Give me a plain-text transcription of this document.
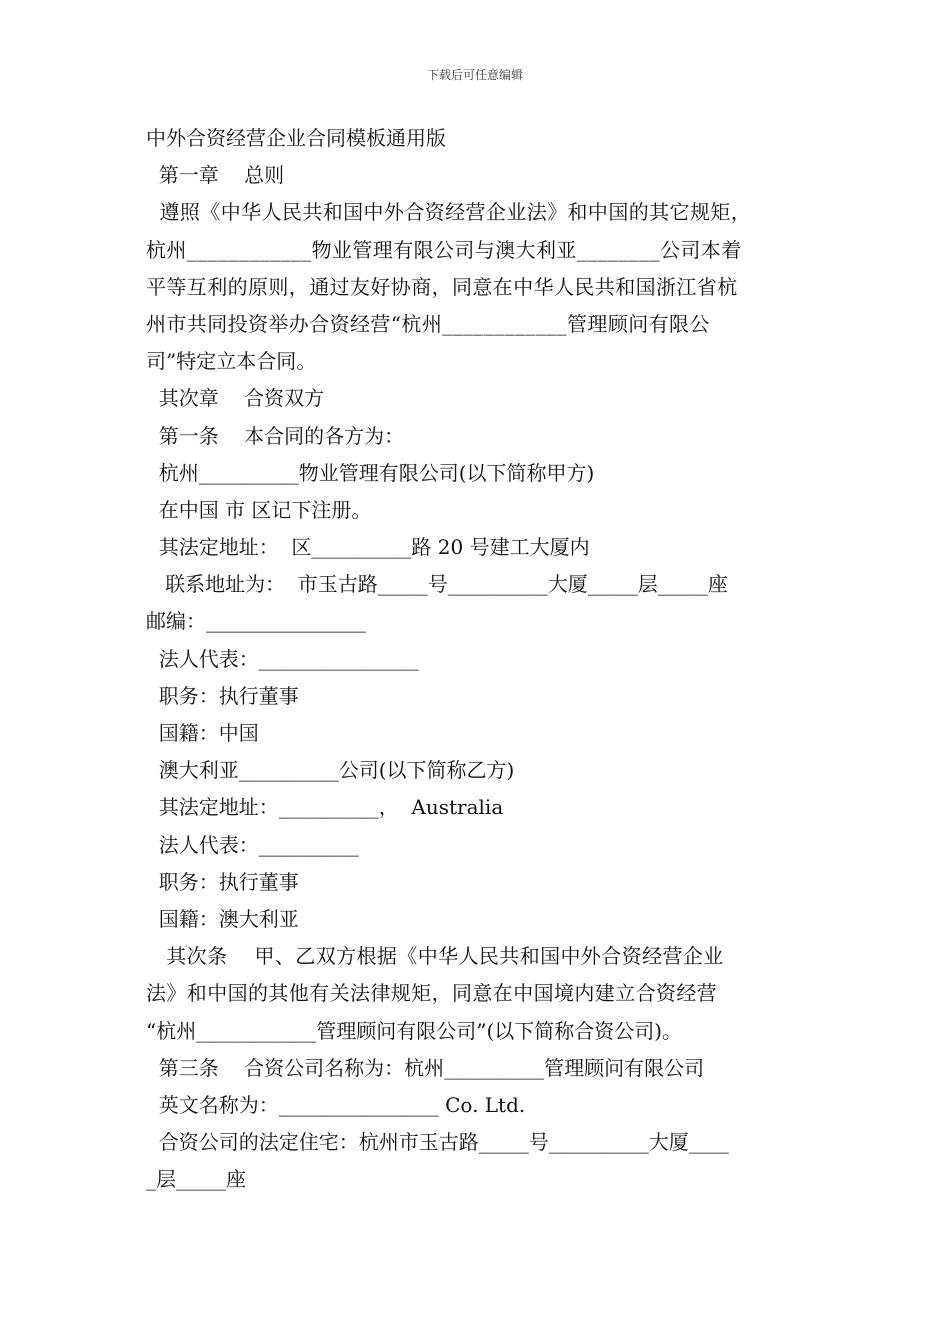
下载后可任意编辑
中外合资经营企业合同模板通用版
第一章    总则
遵照《中华人民共和国中外合资经营企业法》和中国的其它规矩，
杭州____________物业管理有限公司与澳大利亚________公司本着
平等互利的原则，通过友好协商，同意在中华人民共和国浙江省杭
州市共同投资举办合资经营“杭州____________管理顾问有限公
司”特定立本合同。
其次章    合资双方
第一条    本合同的各方为：
杭州__________物业管理有限公司(以下简称甲方)
在中国 市 区记下注册。
其法定地址：  区__________路 20 号建工大厦内
联系地址为：  市玉古路_____号__________大厦_____层_____座
邮编：________________
法人代表：________________
职务：执行董事
国籍：中国
澳大利亚__________公司(以下简称乙方)
其法定地址：__________，  Australia
法人代表：__________
职务：执行董事
国籍：澳大利亚
其次条    甲、乙双方根据《中华人民共和国中外合资经营企业
法》和中国的其他有关法律规矩，同意在中国境内建立合资经营
“杭州____________管理顾问有限公司”(以下简称合资公司)。
第三条    合资公司名称为：杭州__________管理顾问有限公司
英文名称为：________________ Co. Ltd.
合资公司的法定住宅：杭州市玉古路_____号__________大厦____
_层_____座
